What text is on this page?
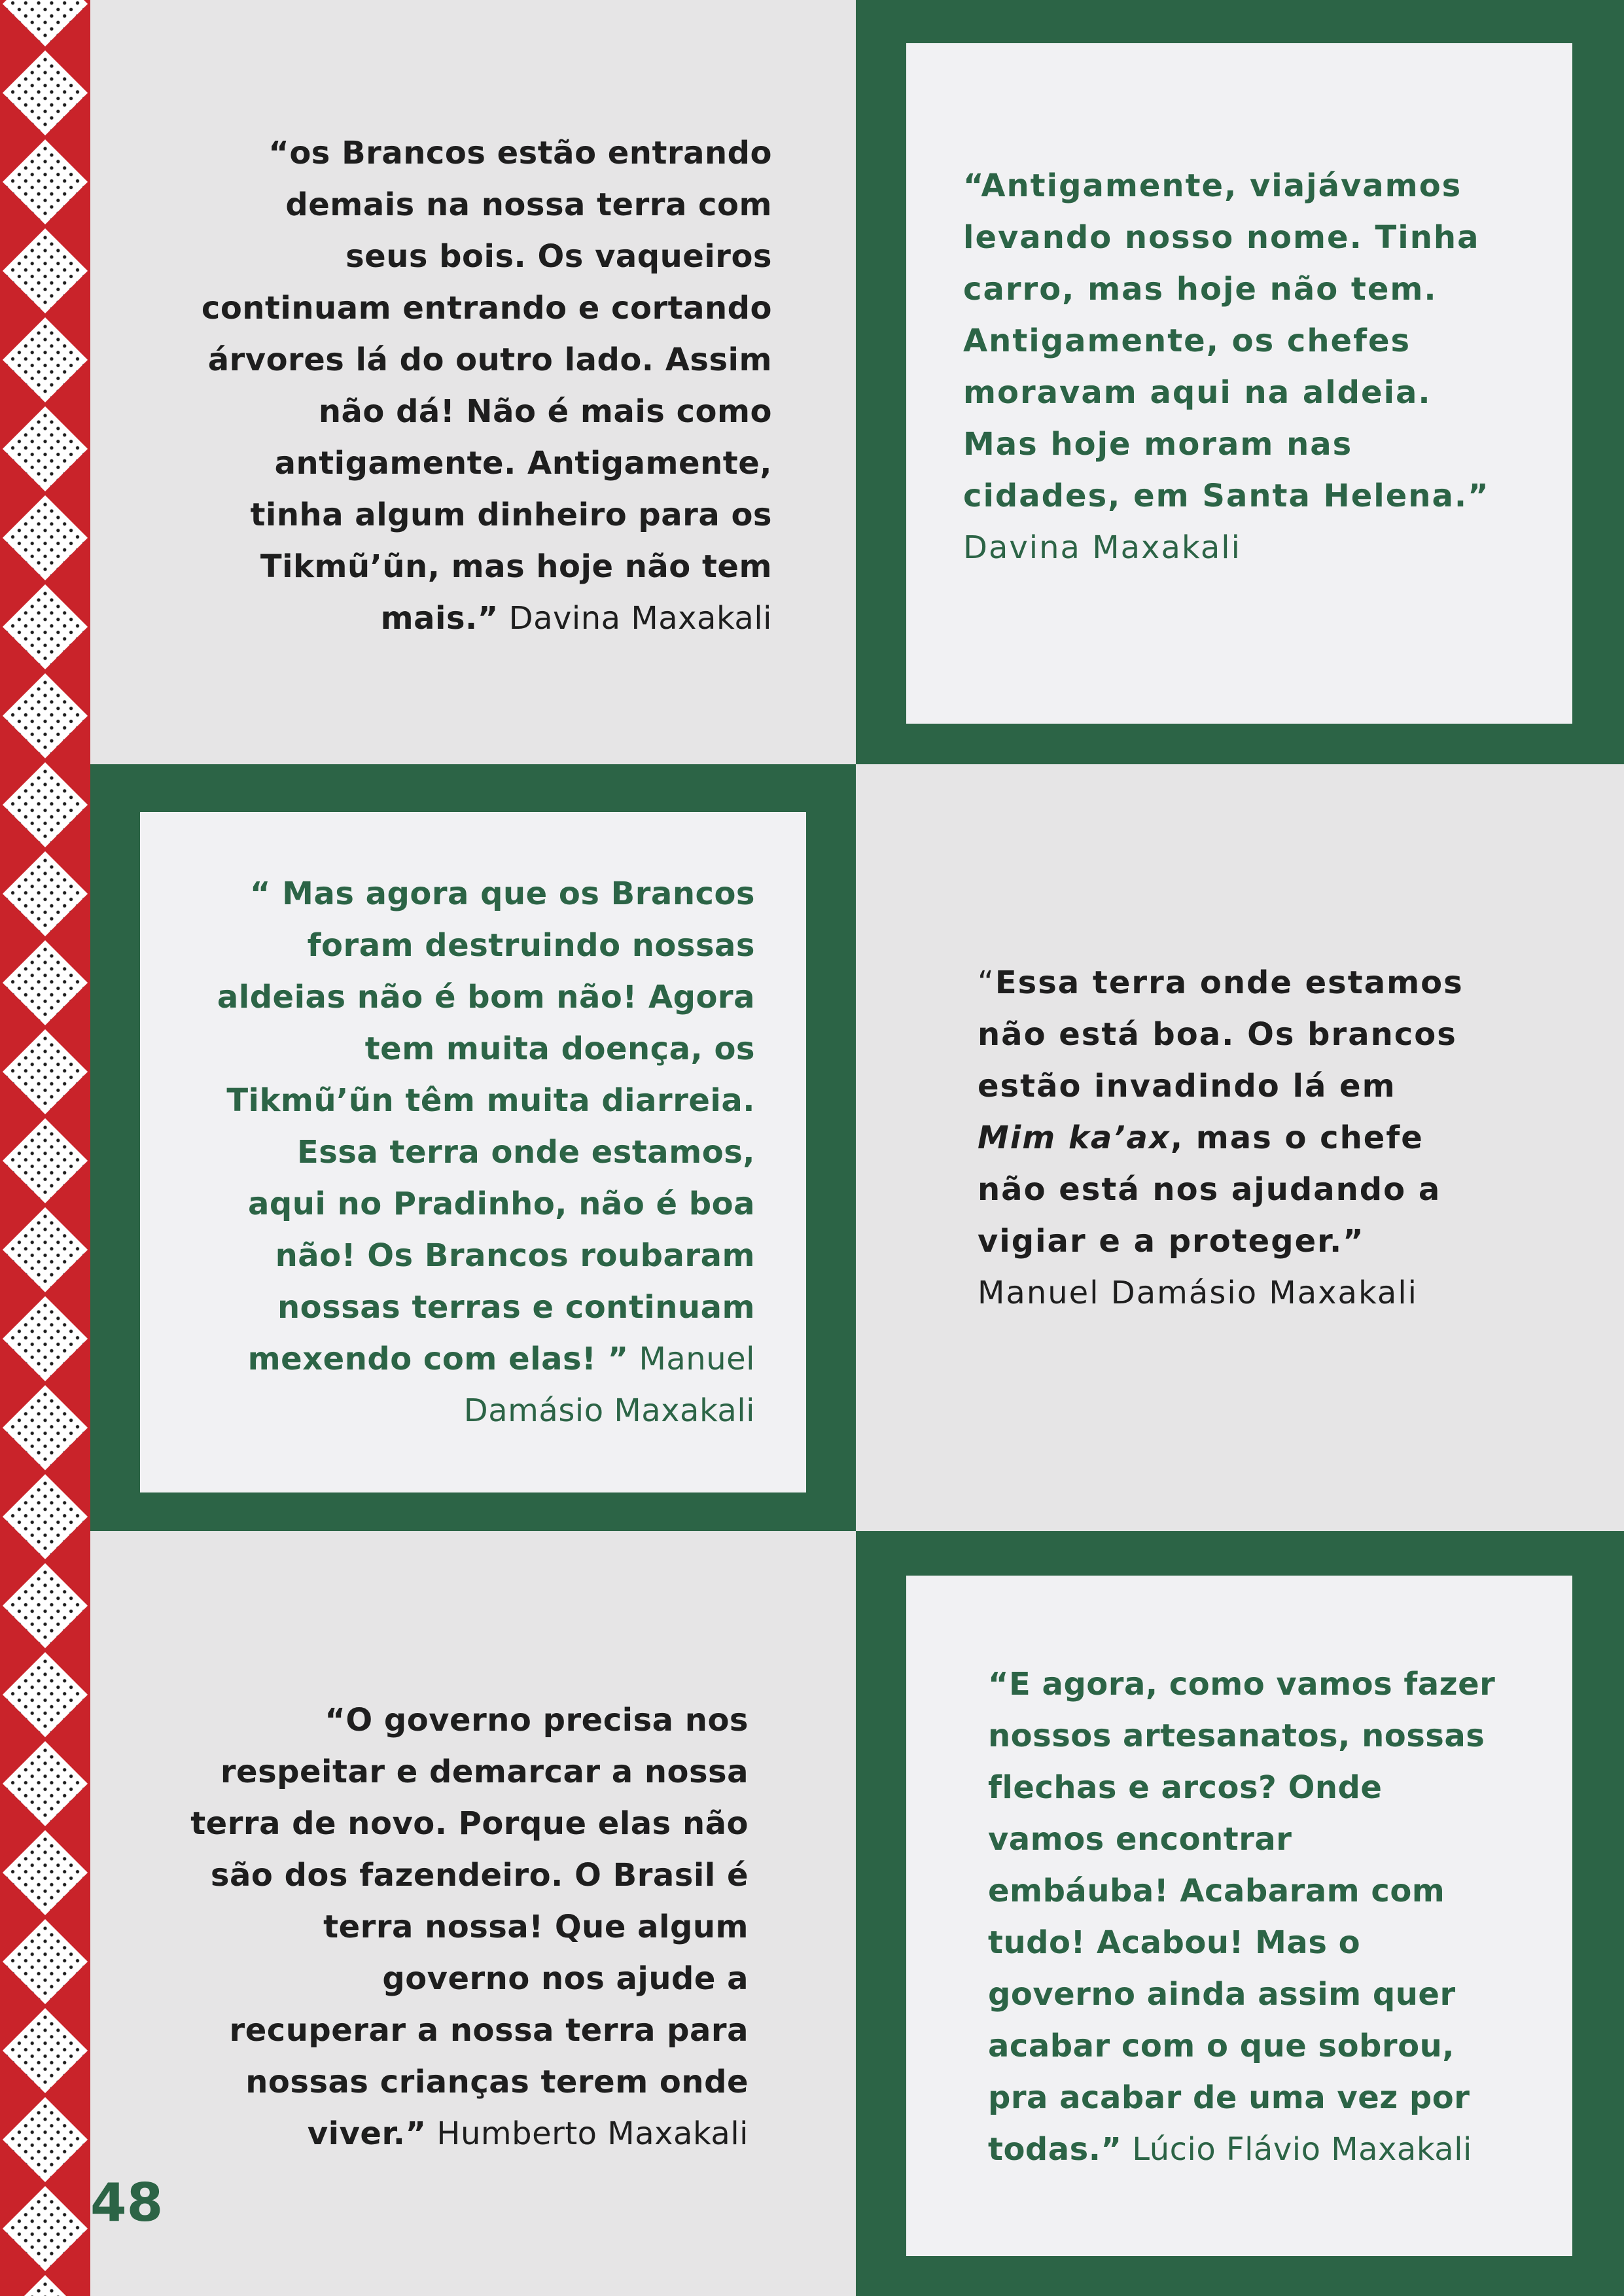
“os Brancos estão entrando
demais na nossa terra com
seus bois. Os vaqueiros
continuam entrando e cortando
árvores lá do outro lado. Assim
não dá! Não é mais como
antigamente. Antigamente,
tinha algum dinheiro para os
Tikmũ’ũn, mas hoje não tem
mais.” Davina Maxakali
“Antigamente, viajávamos
levando nosso nome. Tinha
carro, mas hoje não tem.
Antigamente, os chefes
moravam aqui na aldeia.
Mas hoje moram nas
cidades, em Santa Helena.”
Davina Maxakali
“ Mas agora que os Brancos
foram destruindo nossas
aldeias não é bom não! Agora
tem muita doença, os
Tikmũ’ũn têm muita diarreia.
Essa terra onde estamos,
aqui no Pradinho, não é boa
não! Os Brancos roubaram
nossas terras e continuam
mexendo com elas! ” Manuel
Damásio Maxakali
“Essa terra onde estamos
não está boa. Os brancos
estão invadindo lá em
Mim ka’ax, mas o chefe
não está nos ajudando a
vigiar e a proteger.”
Manuel Damásio Maxakali
“O governo precisa nos
respeitar e demarcar a nossa
terra de novo. Porque elas não
são dos fazendeiro. O Brasil é
terra nossa! Que algum
governo nos ajude a
recuperar a nossa terra para
nossas crianças terem onde
viver.” Humberto Maxakali
“E agora, como vamos fazer
nossos artesanatos, nossas
flechas e arcos? Onde
vamos encontrar
embáuba! Acabaram com
tudo! Acabou! Mas o
governo ainda assim quer
acabar com o que sobrou,
pra acabar de uma vez por
todas.” Lúcio Flávio Maxakali
48
